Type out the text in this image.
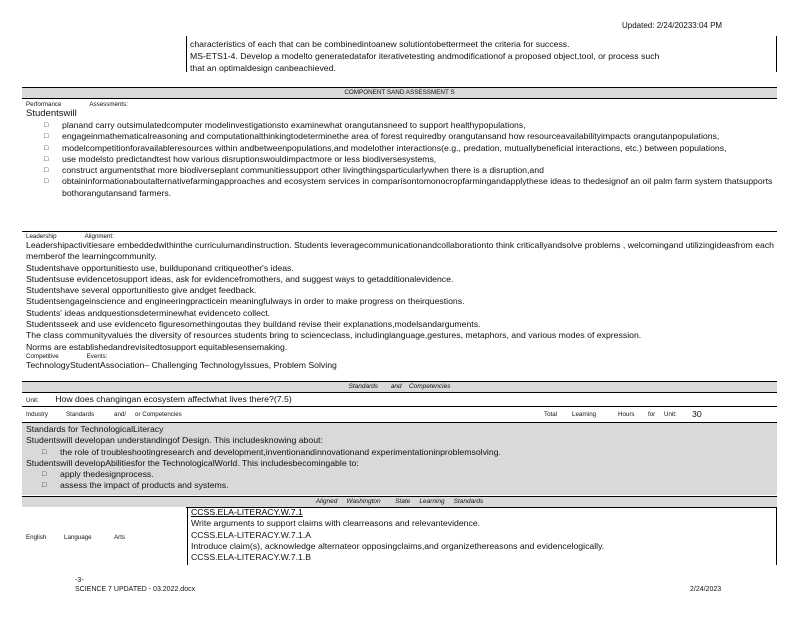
Updated: 2/24/20233:04 PM
characteristics of each that can be combinedintoanew solutiontobettermeet the criteria for success.
MS-ETS1-4. Develop a modelto generatedatafor iterativetesting andmodificationof a proposed object,tool, or process such
that an optimaldesign canbeachieved.
COMPONENT SAND ASSESSMENT S
Performance	Assessments:
Studentswill
□ planand carry outsimulatedcomputer modelinvestigationsto examinewhat orangutansneed to support healthypopulations,
□ engageinmathematicalreasoning and computationalthinkingtodeterminethe area of forest requiredby orangutansand how resourceavailabilityimpacts orangutanpopulations,
□ modelcompetitionforavailableresources within andbetweenpopulations,and modelother interactions(e.g., predation, mutuallybeneficial interactions, etc.) between populations,
□ use modelsto predictandtest how various disruptionswouldimpactmore or less biodiversesystems,
□ construct argumentsthat more biodiverseplant communitiessupport other livingthingsparticularlywhen there is a disruption,and
□ obtaininformationaboutalternativefarmingapproaches and ecosystem services in comparisontomonocropfarmingandapplythese ideas to thedesignof an oil palm farm system thatsupports bothorangutansand farmers.
Leadership	Alignment:
Leadershipactivitiesare embeddedwithinthe curriculumandinstruction. Students leveragecommunicationandcollaborationto think criticallyandsolve problems , welcomingand utilizingideasfrom each memberof the learningcommunity.
Studentshave opportunitiesto use, builduponand critiqueother's ideas.
Studentsuse evidencetosupport ideas, ask for evidencefromothers, and suggest ways to getadditionalevidence.
Studentshave several opportunitiesto give andget feedback.
Studentsengageinscience and engineeringpracticein meaningfulways in order to make progress on theirquestions.
Students' ideas andquestionsdeterminewhat evidenceto collect.
Studentsseek and use evidenceto figuresomethingoutas they buildand revise their explanations,modelsandarguments.
The class communityvalues the diversity of resources students bring to scienceclass, includinglanguage,gestures, metaphors, and various modes of expression.
Norms are establishedandrevisitedtosupport equitablesensemaking.
Competitive	Events:
TechnologyStudentAssociation– Challenging TechnologyIssues, Problem Solving
Standards and Competencies
Unit: How does changingan ecosystem affectwhat lives there?(7.5)
Industry	Standards	and/ or Competencies	Total Learning	Hours for Unit: 30
Standards for TechnologicalLiteracy
Studentswill developan understandingof Design. This includesknowing about:
□ the role of troubleshootingresearch and development,inventionandinnovationand experimentationinproblemsolving.
Studentswill developAbilitiesfor the TechnologicalWorld. This includesbecomingable to:
□ apply thedesignprocess.
□ assess the impact of products and systems.
Aligned Washington State Learning Standards
English	Language	Arts
CCSS.ELA-LITERACY.W.7.1
Write arguments to support claims with clearreasons and relevantevidence.
CCSS.ELA-LITERACY.W.7.1.A
Introduce claim(s), acknowledge alternateor opposingclaims,and organizethereasons and evidencelogically.
CCSS.ELA-LITERACY.W.7.1.B
-3-
SCIENCE 7 UPDATED - 03.2022.docx	2/24/2023
